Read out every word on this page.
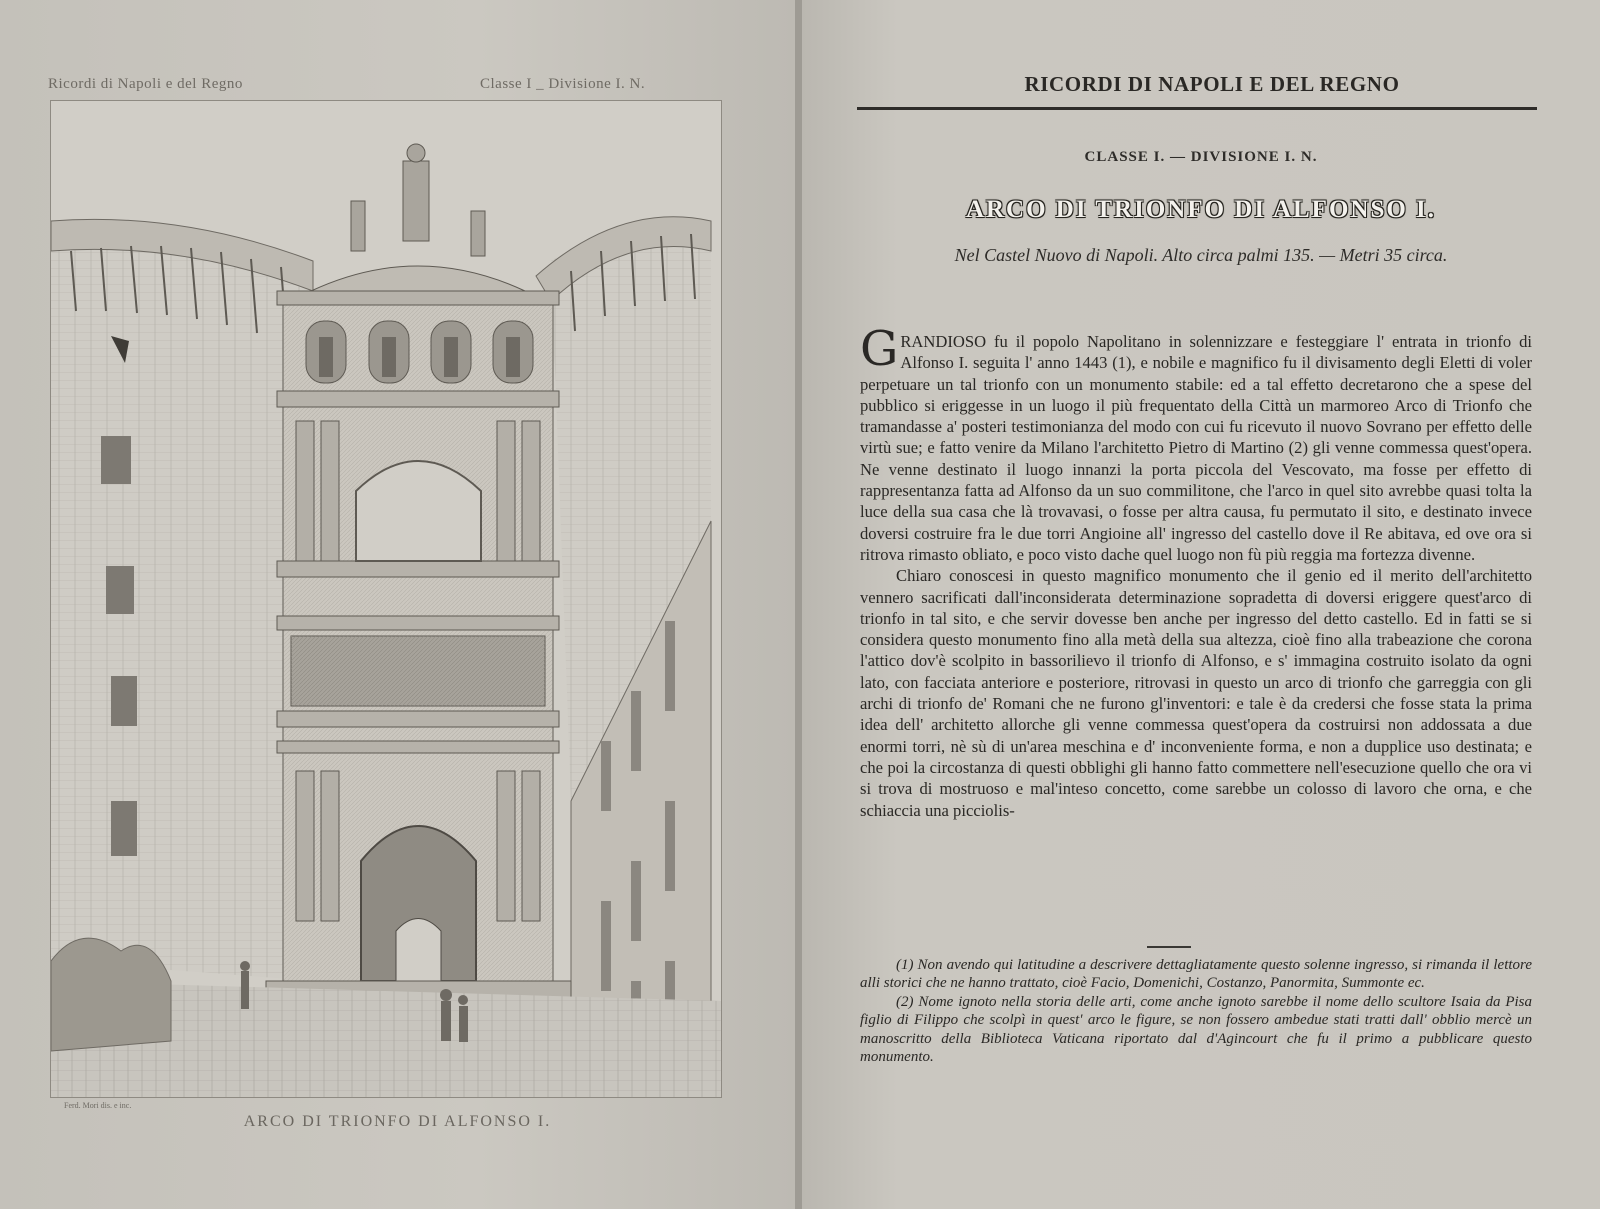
Ricordi di Napoli e del Regno	Classe I _ Divisione I. N.
Ferd. Mori dis. e inc.
ARCO DI TRIONFO DI ALFONSO I.
RICORDI DI NAPOLI E DEL REGNO
CLASSE I. — DIVISIONE I. N.
ARCO DI TRIONFO DI ALFONSO I.
Nel Castel Nuovo di Napoli. Alto circa palmi 135. — Metri 35 circa.

GRANDIOSO fu il popolo Napolitano in solennizzare e festeggiare l' entrata in trionfo di Alfonso I. seguita l' anno 1443 (1), e nobile e magnifico fu il divisamento degli Eletti di voler perpetuare un tal trionfo con un monumento stabile: ed a tal effetto decretarono che a spese del pubblico si eriggesse in un luogo il più frequentato della Città un marmoreo Arco di Trionfo che tramandasse a' posteri testimonianza del modo con cui fu ricevuto il nuovo Sovrano per effetto delle virtù sue; e fatto venire da Milano l'architetto Pietro di Martino (2) gli venne commessa quest'opera. Ne venne destinato il luogo innanzi la porta piccola del Vescovato, ma fosse per effetto di rappresentanza fatta ad Alfonso da un suo commilitone, che l'arco in quel sito avrebbe quasi tolta la luce della sua casa che là trovavasi, o fosse per altra causa, fu permutato il sito, e destinato invece doversi costruire fra le due torri Angioine all' ingresso del castello dove il Re abitava, ed ove ora si ritrova rimasto obliato, e poco visto dache quel luogo non fù più reggia ma fortezza divenne.

Chiaro conoscesi in questo magnifico monumento che il genio ed il merito dell'architetto vennero sacrificati dall'inconsiderata determinazione sopradetta di doversi eriggere quest'arco di trionfo in tal sito, e che servir dovesse ben anche per ingresso del detto castello. Ed in fatti se si considera questo monumento fino alla metà della sua altezza, cioè fino alla trabeazione che corona l'attico dov'è scolpito in bassorilievo il trionfo di Alfonso, e s' immagina costruito isolato da ogni lato, con facciata anteriore e posteriore, ritrovasi in questo un arco di trionfo che garreggia con gli archi di trionfo de' Romani che ne furono gl'inventori: e tale è da credersi che fosse stata la prima idea dell' architetto allorche gli venne commessa quest'opera da costruirsi non addossata a due enormi torri, nè sù di un'area meschina e d' inconveniente forma, e non a dupplice uso destinata; e che poi la circostanza di questi obblighi gli hanno fatto commettere nell'esecuzione quello che ora vi si trova di mostruoso e mal'inteso concetto, come sarebbe un colosso di lavoro che orna, e che schiaccia una picciolis-

(1) Non avendo qui latitudine a descrivere dettagliatamente questo solenne ingresso, si rimanda il lettore alli storici che ne hanno trattato, cioè Facio, Domenichi, Costanzo, Panormita, Summonte ec.

(2) Nome ignoto nella storia delle arti, come anche ignoto sarebbe il nome dello scultore Isaia da Pisa figlio di Filippo che scolpì in quest' arco le figure, se non fossero ambedue stati tratti dall' obblio mercè un manoscritto della Biblioteca Vaticana riportato dal d'Agincourt che fu il primo a pubblicare questo monumento.
